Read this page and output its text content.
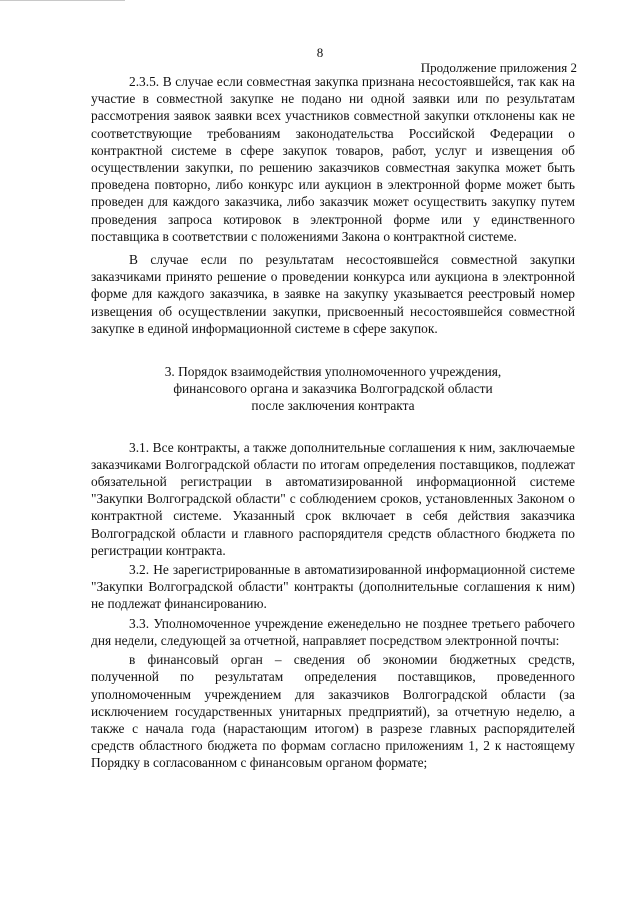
8
Продолжение приложения 2

2.3.5. В случае если совместная закупка признана несостоявшейся, так как на участие в совместной закупке не подано ни одной заявки или по результатам рассмотрения заявок заявки всех участников совместной закупки отклонены как не соответствующие требованиям законодательства Российской Федерации о контрактной системе в сфере закупок товаров, работ, услуг и извещения об осуществлении закупки, по решению заказчиков совместная закупка может быть проведена повторно, либо конкурс или аукцион в электронной форме может быть проведен для каждого заказчика, либо заказчик может осуществить закупку путем проведения запроса котировок в электронной форме или у единственного поставщика в соответствии с положениями Закона о контрактной системе.

В случае если по результатам несостоявшейся совместной закупки заказчиками принято решение о проведении конкурса или аукциона в электронной форме для каждого заказчика, в заявке на закупку указывается реестровый номер извещения об осуществлении закупки, присвоенный несостоявшейся совместной закупке в единой информационной системе в сфере закупок.

3. Порядок взаимодействия уполномоченного учреждения,
финансового органа и заказчика Волгоградской области
после заключения контракта

3.1. Все контракты, а также дополнительные соглашения к ним, заключаемые заказчиками Волгоградской области по итогам определения поставщиков, подлежат обязательной регистрации в автоматизированной информационной системе "Закупки Волгоградской области" с соблюдением сроков, установленных Законом о контрактной системе. Указанный срок включает в себя действия заказчика Волгоградской области и главного распорядителя средств областного бюджета по регистрации контракта.

3.2. Не зарегистрированные в автоматизированной информационной системе "Закупки Волгоградской области" контракты (дополнительные соглашения к ним) не подлежат финансированию.

3.3. Уполномоченное учреждение еженедельно не позднее третьего рабочего дня недели, следующей за отчетной, направляет посредством электронной почты:

в финансовый орган – сведения об экономии бюджетных средств, полученной по результатам определения поставщиков, проведенного уполномоченным учреждением для заказчиков Волгоградской области (за исключением государственных унитарных предприятий), за отчетную неделю, а также с начала года (нарастающим итогом) в разрезе главных распорядителей средств областного бюджета по формам согласно приложениям 1, 2 к настоящему Порядку в согласованном с финансовым органом формате;
